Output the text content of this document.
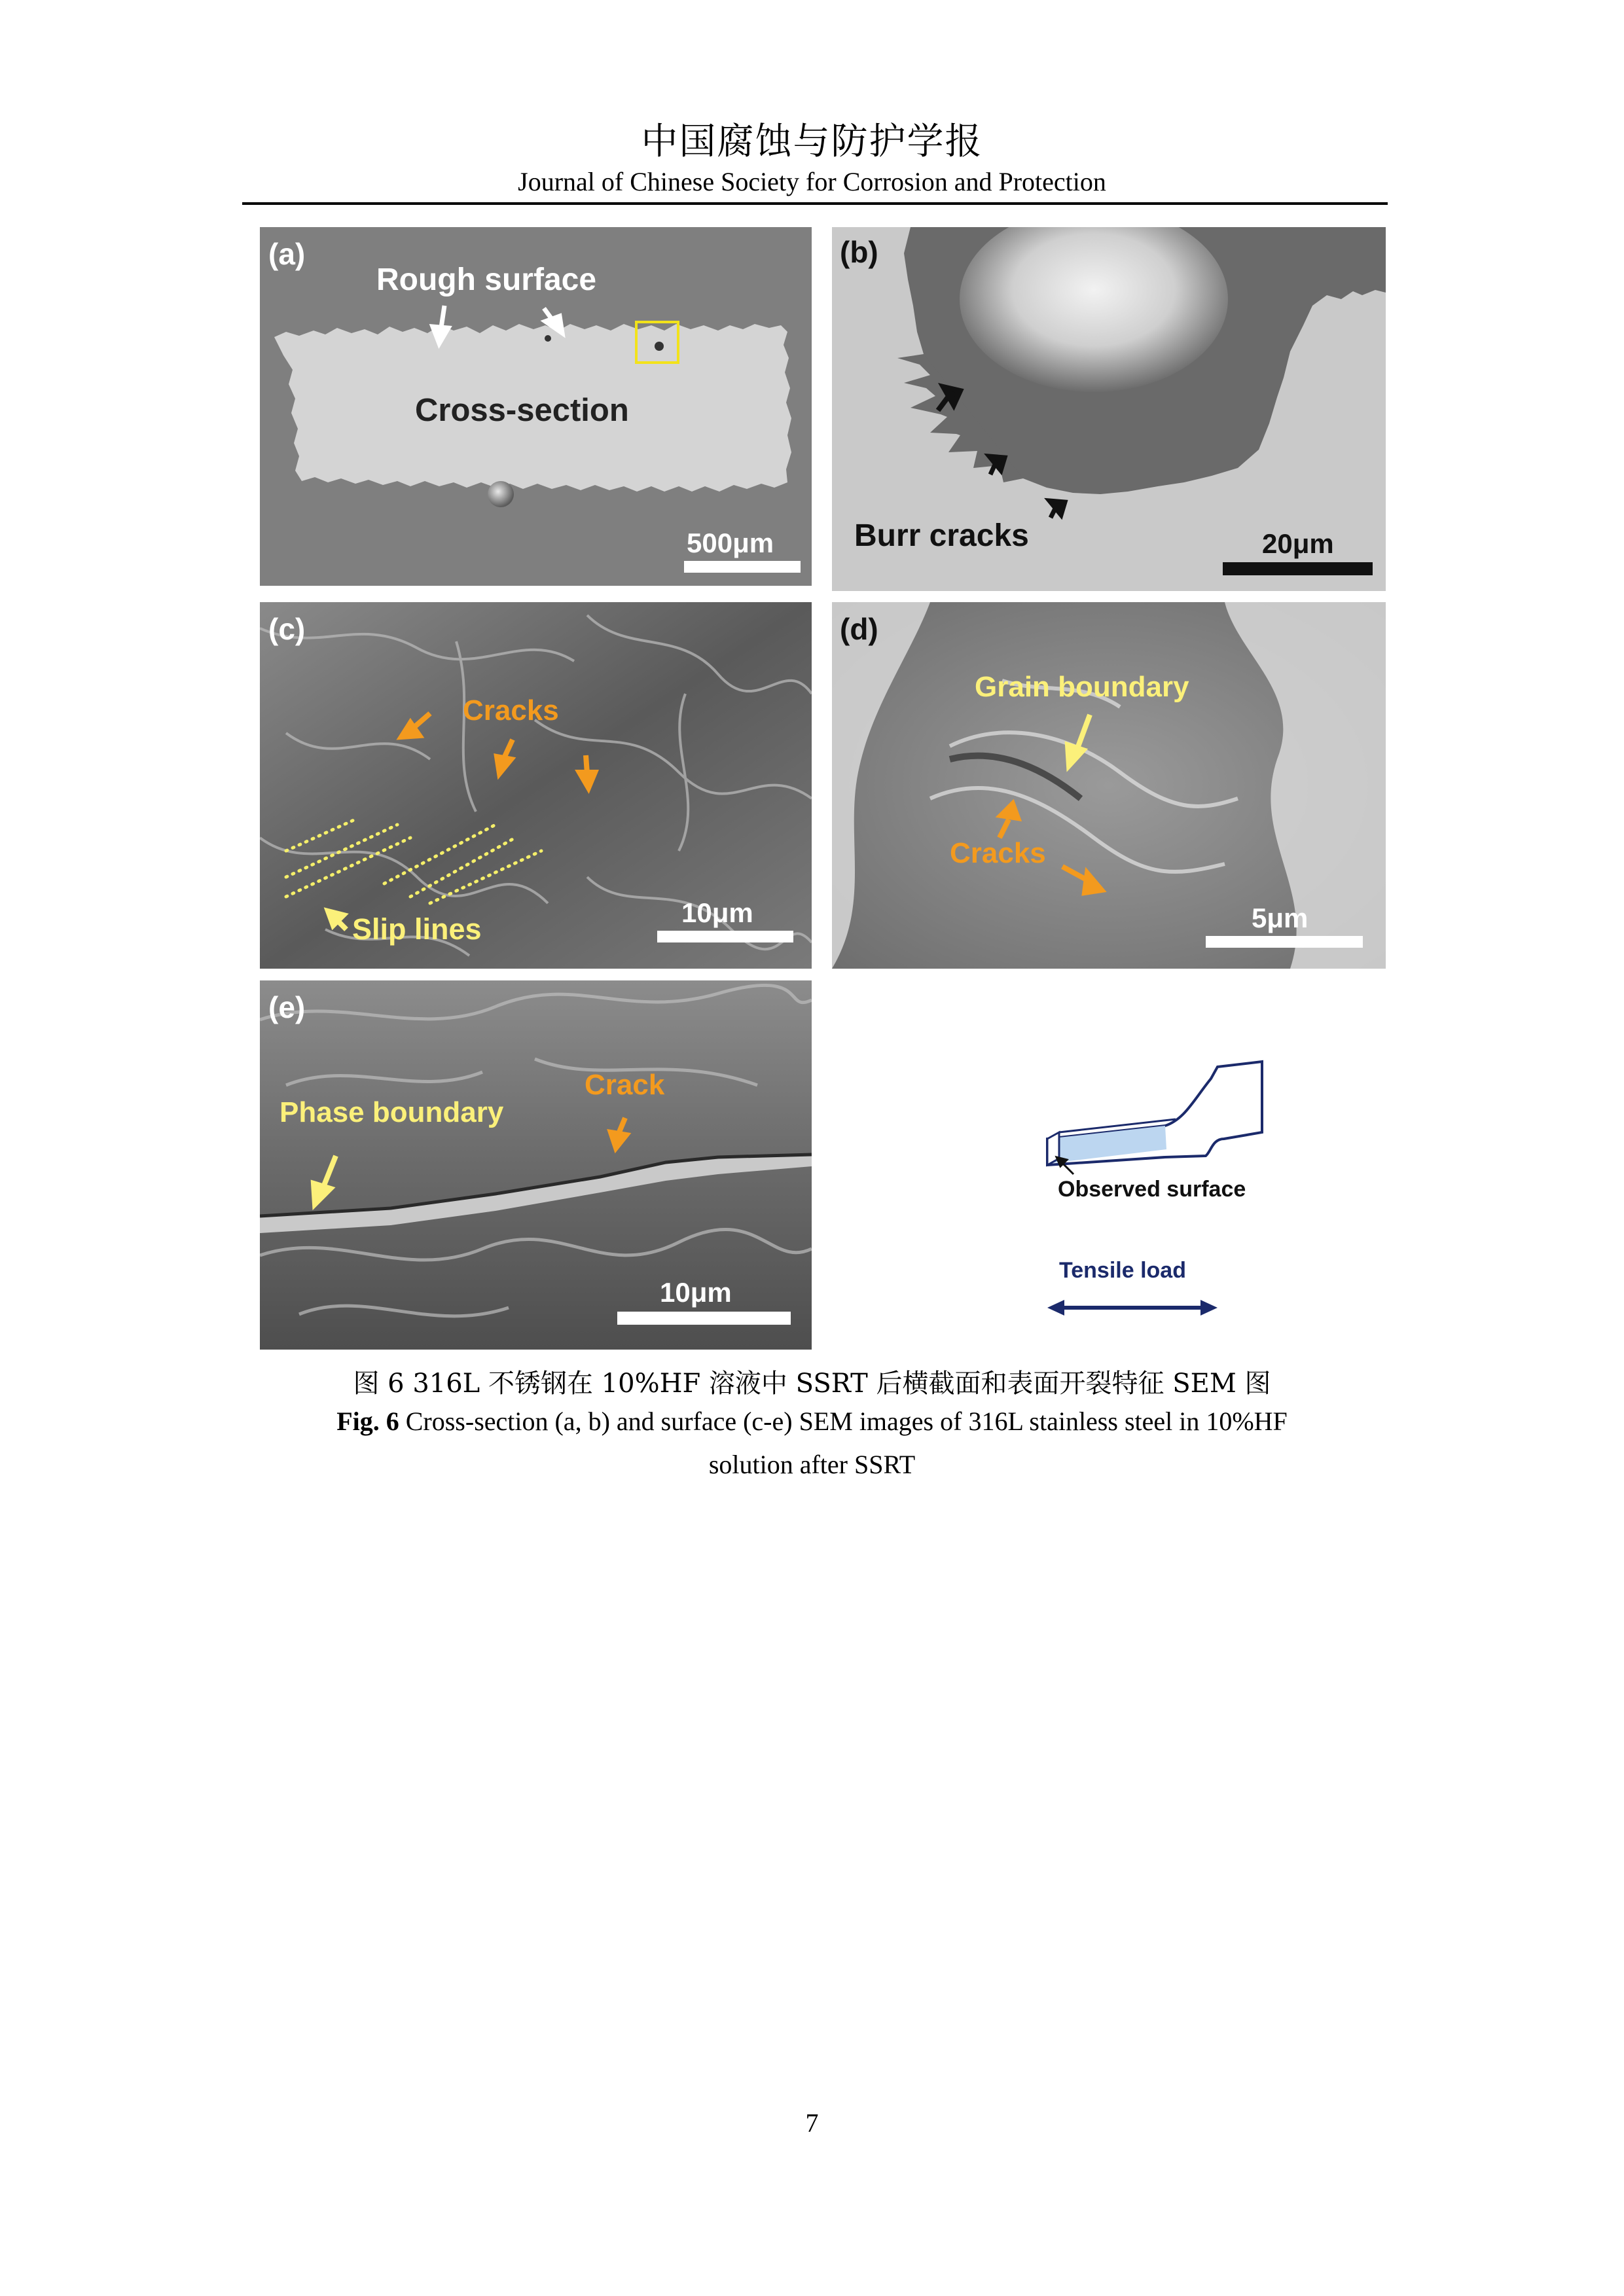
中国腐蚀与防护学报
Journal of Chinese Society for Corrosion and Protection
(a)
Rough surface
Cross-section
500μm
(b)
Burr cracks	20μm
(c)
Cracks
Slip lines	10μm
(d)
Grain boundary
Cracks
5μm
(e)
Phase boundary
Crack
10μm
Observed surface
Tensile load
图 6 316L 不锈钢在 10%HF 溶液中 SSRT 后横截面和表面开裂特征 SEM 图
Fig. 6 Cross-section (a, b) and surface (c-e) SEM images of 316L stainless steel in 10%HF
solution after SSRT
7
